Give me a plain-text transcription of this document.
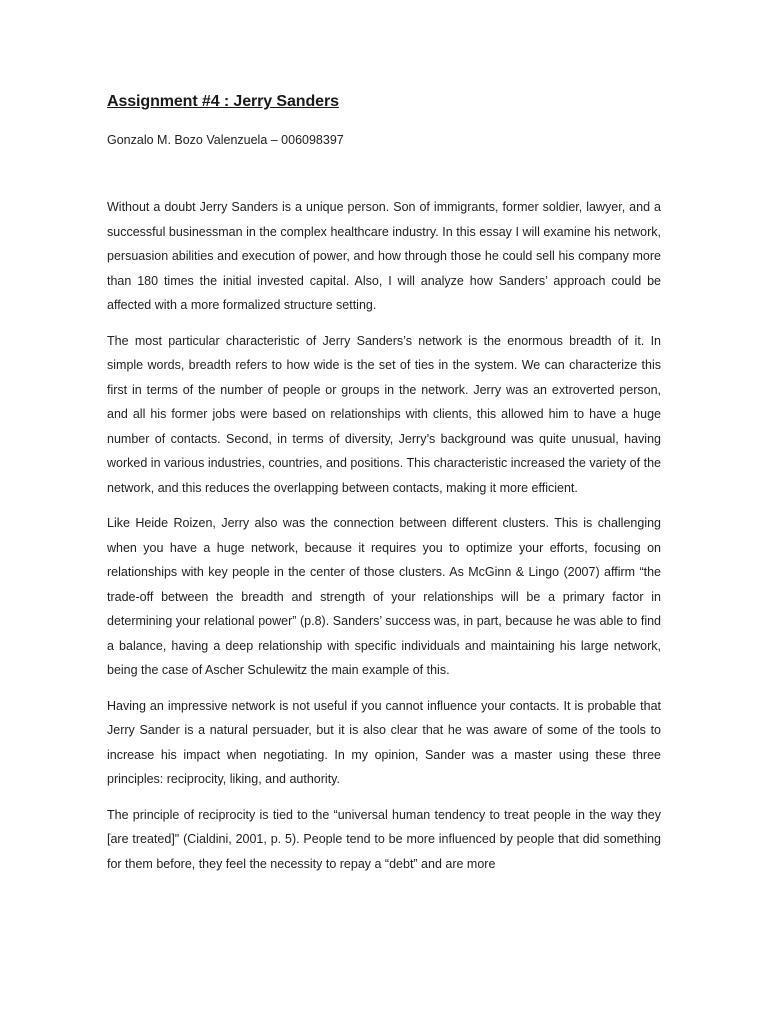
Assignment #4 : Jerry Sanders

Gonzalo M. Bozo Valenzuela – 006098397

Without a doubt Jerry Sanders is a unique person. Son of immigrants, former soldier, lawyer, and a successful businessman in the complex healthcare industry. In this essay I will examine his network, persuasion abilities and execution of power, and how through those he could sell his company more than 180 times the initial invested capital. Also, I will analyze how Sanders’ approach could be affected with a more formalized structure setting.

The most particular characteristic of Jerry Sanders’s network is the enormous breadth of it. In simple words, breadth refers to how wide is the set of ties in the system. We can characterize this first in terms of the number of people or groups in the network. Jerry was an extroverted person, and all his former jobs were based on relationships with clients, this allowed him to have a huge number of contacts. Second, in terms of diversity, Jerry’s background was quite unusual, having worked in various industries, countries, and positions. This characteristic increased the variety of the network, and this reduces the overlapping between contacts, making it more efficient.

Like Heide Roizen, Jerry also was the connection between different clusters. This is challenging when you have a huge network, because it requires you to optimize your efforts, focusing on relationships with key people in the center of those clusters. As McGinn & Lingo (2007) affirm “the trade-off between the breadth and strength of your relationships will be a primary factor in determining your relational power” (p.8). Sanders’ success was, in part, because he was able to find a balance, having a deep relationship with specific individuals and maintaining his large network, being the case of Ascher Schulewitz the main example of this.

Having an impressive network is not useful if you cannot influence your contacts. It is probable that Jerry Sander is a natural persuader, but it is also clear that he was aware of some of the tools to increase his impact when negotiating. In my opinion, Sander was a master using these three principles: reciprocity, liking, and authority.

The principle of reciprocity is tied to the “universal human tendency to treat people in the way they [are treated]" (Cialdini, 2001, p. 5). People tend to be more influenced by people that did something for them before, they feel the necessity to repay a “debt” and are more
